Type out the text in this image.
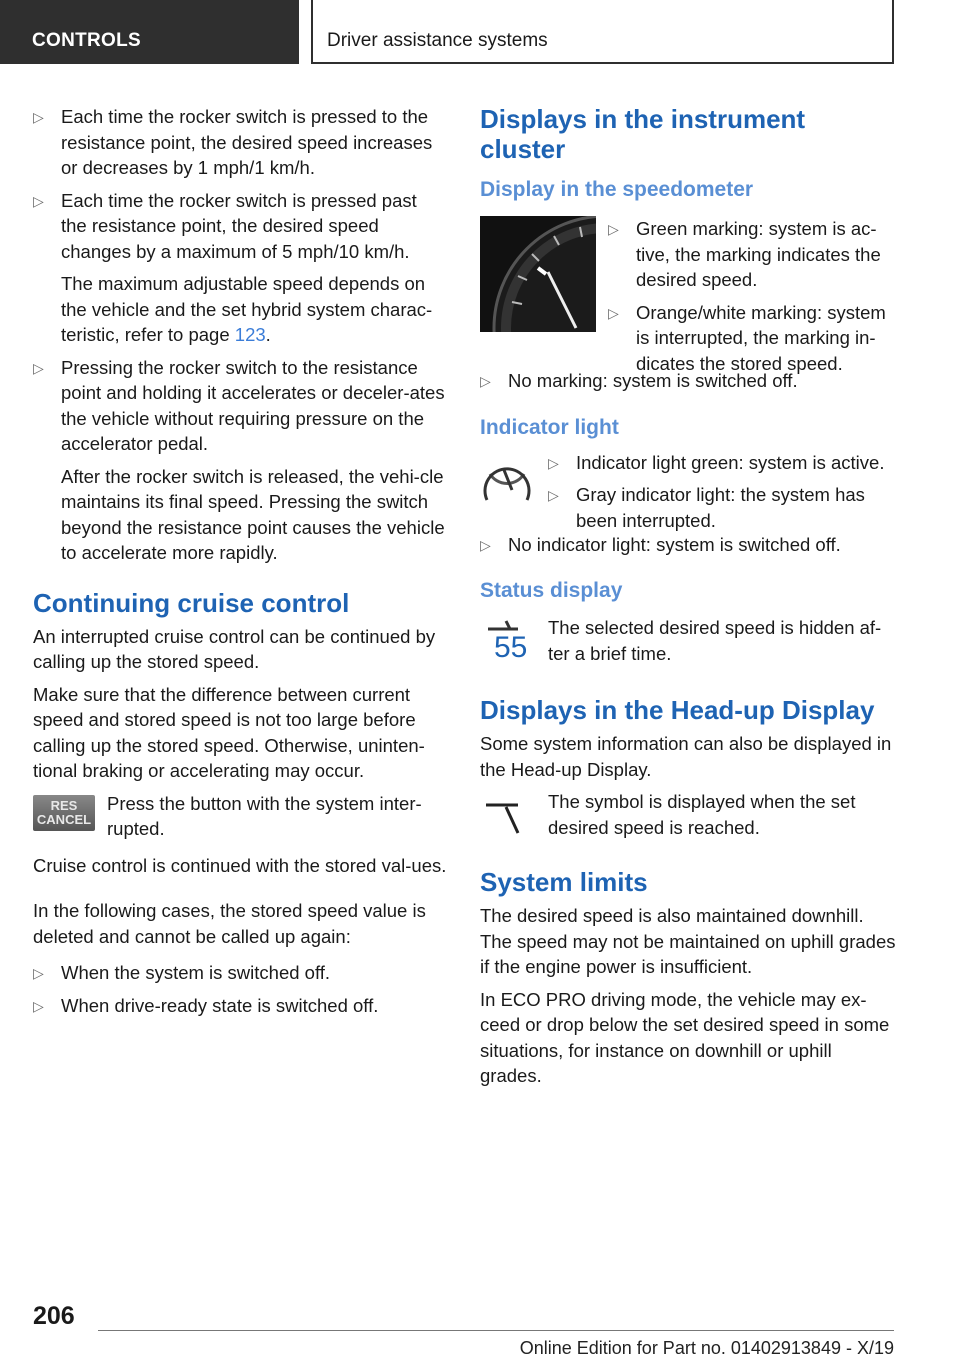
CONTROLS	Driver assistance systems
▷ Each time the rocker switch is pressed to the resistance point, the desired speed increases or decreases by 1 mph/1 km/h.
▷ Each time the rocker switch is pressed past the resistance point, the desired speed changes by a maximum of 5 mph/10 km/h.

The maximum adjustable speed depends on the vehicle and the set hybrid system charac‐teristic, refer to page 123.

▷ Pressing the rocker switch to the resistance point and holding it accelerates or deceler‐ates the vehicle without requiring pressure on the accelerator pedal.

After the rocker switch is released, the vehi‐cle maintains its final speed. Pressing the switch beyond the resistance point causes the vehicle to accelerate more rapidly.

Continuing cruise control

An interrupted cruise control can be continued by calling up the stored speed.

Make sure that the difference between current speed and stored speed is not too large before calling up the stored speed. Otherwise, uninten‐tional braking or accelerating may occur.

RES
CANCEL

Press the button with the system inter‐rupted.

Cruise control is continued with the stored val‐ues.

In the following cases, the stored speed value is deleted and cannot be called up again:

▷ When the system is switched off.
▷ When drive-ready state is switched off.
Displays in the instrument cluster
Display in the speedometer
▷ Green marking: system is ac‐tive, the marking indicates the desired speed.
▷ Orange/white marking: system is interrupted, the marking in‐dicates the stored speed.
▷ No marking: system is switched off.
Indicator light
▷ Indicator light green: system is active.
▷ Gray indicator light: the system has been interrupted.
▷ No indicator light: system is switched off.
Status display
55

The selected desired speed is hidden af‐ter a brief time.

Displays in the Head-up Display

Some system information can also be displayed in the Head-up Display.

The symbol is displayed when the set desired speed is reached.

System limits

The desired speed is also maintained downhill. The speed may not be maintained on uphill grades if the engine power is insufficient.

In ECO PRO driving mode, the vehicle may ex‐ceed or drop below the set desired speed in some situations, for instance on downhill or uphill grades.

206
Online Edition for Part no. 01402913849 - X/19
